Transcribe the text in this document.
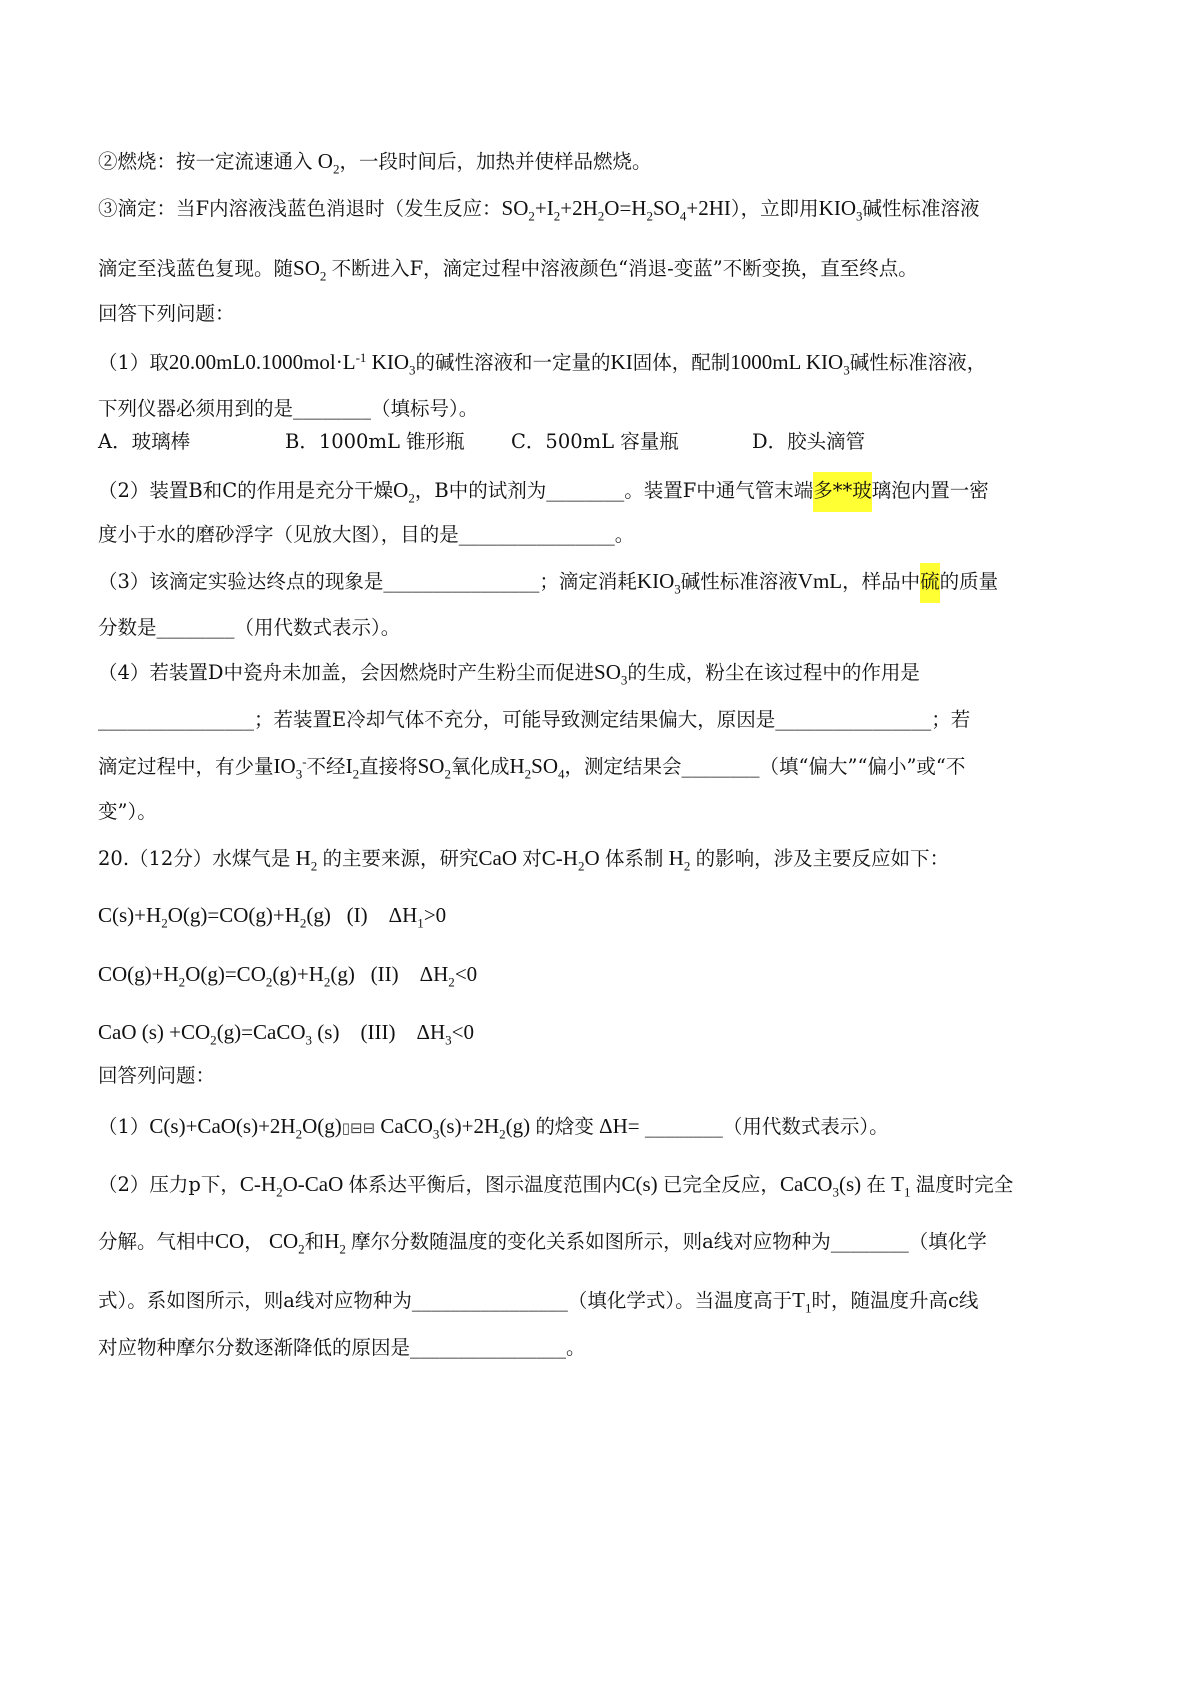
②燃烧：按一定流速通入 $O_2$，一段时间后，加热并使样品燃烧。
③滴定：当F内溶液浅蓝色消退时（发生反应：$SO_2+I_2+2H_2O=H_2SO_4+2HI$），立即用$KIO_3$碱性标准溶液
滴定至浅蓝色复现。随$SO_2$ 不断进入F，滴定过程中溶液颜色“消退-变蓝”不断变换，直至终点。
回答下列问题：
（1）取$20.00mL0.1000mol\cdot L^{-1}$ $KIO_3$的碱性溶液和一定量的KI固体，配制1000mL $KIO_3$碱性标准溶液，
下列仪器必须用到的是________（填标号）。
A．玻璃棒	B．1000mL 锥形瓶 C．500mL 容量瓶	D．胶头滴管
（2）装置B和C的作用是充分干燥$O_2$，B中的试剂为________。装置F中通气管末端多**玻璃泡内置一密
度小于水的磨砂浮字（见放大图），目的是________________。
（3）该滴定实验达终点的现象是________________；滴定消耗$KIO_3$碱性标准溶液VmL，样品中硫的质量
分数是________（用代数式表示）。
（4）若装置D中瓷舟未加盖，会因燃烧时产生粉尘而促进$SO_3$的生成，粉尘在该过程中的作用是
________________；若装置E冷却气体不充分，可能导致测定结果偏大，原因是________________；若
滴定过程中，有少量$IO_3^-$不经$I_2$直接将$SO_2$氧化成$H_2SO_4$，测定结果会________（填“偏大”“偏小”或“不
变”）。
20.（12分）水煤气是 $H_2$ 的主要来源，研究CaO 对$C-H_2O$ 体系制 $H_2$ 的影响，涉及主要反应如下：
$C(s)+H_2O(g)=CO(g)+H_2(g)$   (I)    $\Delta H_1>0$
$CO(g)+H_2O(g)=CO_2(g)+H_2(g)$   (II)    $\Delta H_2<0$
CaO $(s) +CO_2(g)=CaCO_3$ (s)    (III)    $\Delta H_3<0$
回答列问题：
$(1)C(s)+CaO(s)+2H_2O(g)▯⊟⊟$ $CaCO_3(s)+2H_2(g)$ 的焓变 ΔH= ________（用代数式表示）。
（2）压力p下，$C-H_2O$-CaO 体系达平衡后，图示温度范围内C(s) 已完全反应，CaCO$_3$(s) 在 $T_1$ 温度时完全
分解。气相中CO， $CO_2$和$H_2$ 摩尔分数随温度的变化关系如图所示，则a线对应物种为________（填化学
式）。系如图所示，则a线对应物种为________________（填化学式）。当温度高于$T_1$时，随温度升高c线
对应物种摩尔分数逐渐降低的原因是________________。
